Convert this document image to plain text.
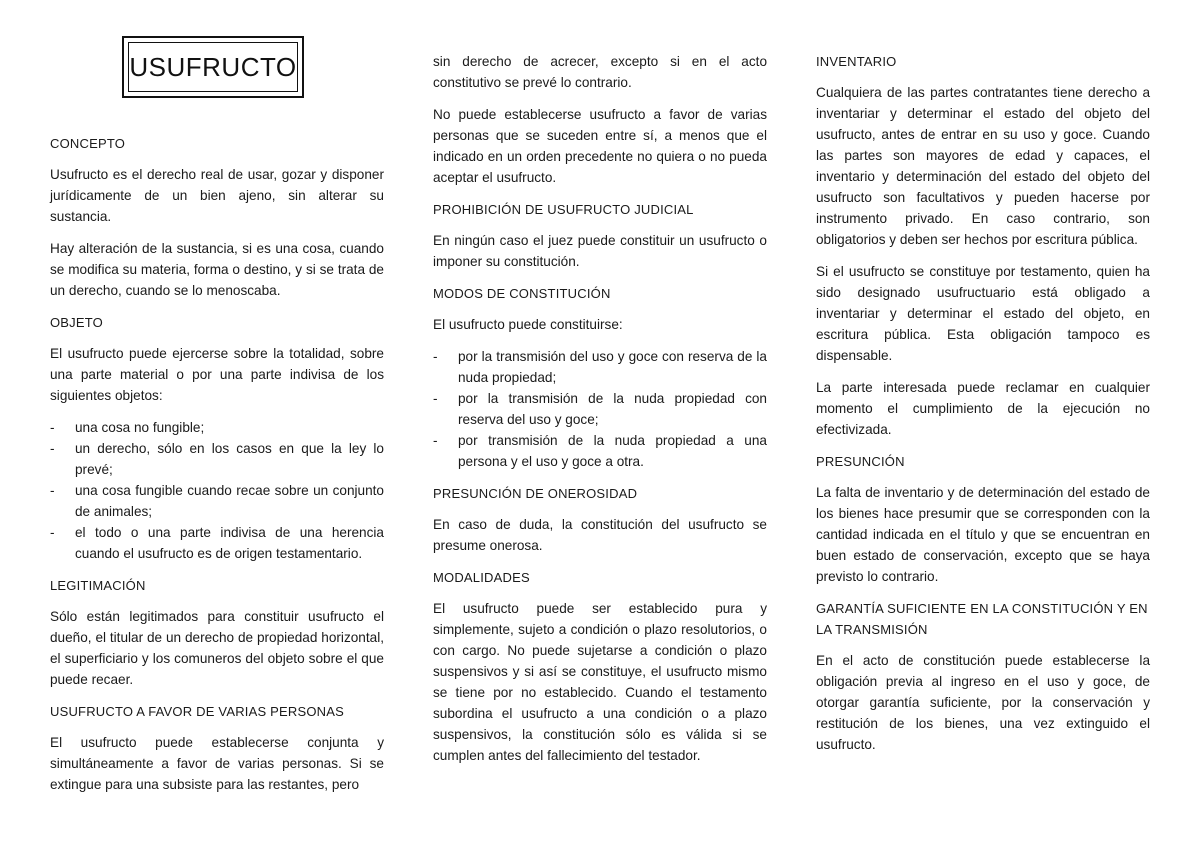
USUFRUCTO
CONCEPTO

Usufructo es el derecho real de usar, gozar y disponer jurídicamente de un bien ajeno, sin alterar su sustancia.

Hay alteración de la sustancia, si es una cosa, cuando se modifica su materia, forma o destino, y si se trata de un derecho, cuando se lo menoscaba.

OBJETO

El usufructo puede ejercerse sobre la totalidad, sobre una parte material o por una parte indivisa de los siguientes objetos:

- una cosa no fungible;
- un derecho, sólo en los casos en que la ley lo prevé;
- una cosa fungible cuando recae sobre un conjunto de animales;
- el todo o una parte indivisa de una herencia cuando el usufructo es de origen testamentario.
LEGITIMACIÓN

Sólo están legitimados para constituir usufructo el dueño, el titular de un derecho de propiedad horizontal, el superficiario y los comuneros del objeto sobre el que puede recaer.

USUFRUCTO A FAVOR DE VARIAS PERSONAS

El usufructo puede establecerse conjunta y simultáneamente a favor de varias personas. Si se extingue para una subsiste para las restantes, pero

sin derecho de acrecer, excepto si en el acto constitutivo se prevé lo contrario.

No puede establecerse usufructo a favor de varias personas que se suceden entre sí, a menos que el indicado en un orden precedente no quiera o no pueda aceptar el usufructo.

PROHIBICIÓN DE USUFRUCTO JUDICIAL

En ningún caso el juez puede constituir un usufructo o imponer su constitución.

MODOS DE CONSTITUCIÓN

El usufructo puede constituirse:

- por la transmisión del uso y goce con reserva de la nuda propiedad;
- por la transmisión de la nuda propiedad con reserva del uso y goce;
- por transmisión de la nuda propiedad a una persona y el uso y goce a otra.
PRESUNCIÓN DE ONEROSIDAD

En caso de duda, la constitución del usufructo se presume onerosa.

MODALIDADES

El usufructo puede ser establecido pura y simplemente, sujeto a condición o plazo resolutorios, o con cargo. No puede sujetarse a condición o plazo suspensivos y si así se constituye, el usufructo mismo se tiene por no establecido. Cuando el testamento subordina el usufructo a una condición o a plazo suspensivos, la constitución sólo es válida si se cumplen antes del fallecimiento del testador.

INVENTARIO

Cualquiera de las partes contratantes tiene derecho a inventariar y determinar el estado del objeto del usufructo, antes de entrar en su uso y goce. Cuando las partes son mayores de edad y capaces, el inventario y determinación del estado del objeto del usufructo son facultativos y pueden hacerse por instrumento privado. En caso contrario, son obligatorios y deben ser hechos por escritura pública.

Si el usufructo se constituye por testamento, quien ha sido designado usufructuario está obligado a inventariar y determinar el estado del objeto, en escritura pública. Esta obligación tampoco es dispensable.

La parte interesada puede reclamar en cualquier momento el cumplimiento de la ejecución no efectivizada.

PRESUNCIÓN

La falta de inventario y de determinación del estado de los bienes hace presumir que se corresponden con la cantidad indicada en el título y que se encuentran en buen estado de conservación, excepto que se haya previsto lo contrario.

GARANTÍA SUFICIENTE EN LA CONSTITUCIÓN Y EN LA TRANSMISIÓN

En el acto de constitución puede establecerse la obligación previa al ingreso en el uso y goce, de otorgar garantía suficiente, por la conservación y restitución de los bienes, una vez extinguido el usufructo.
